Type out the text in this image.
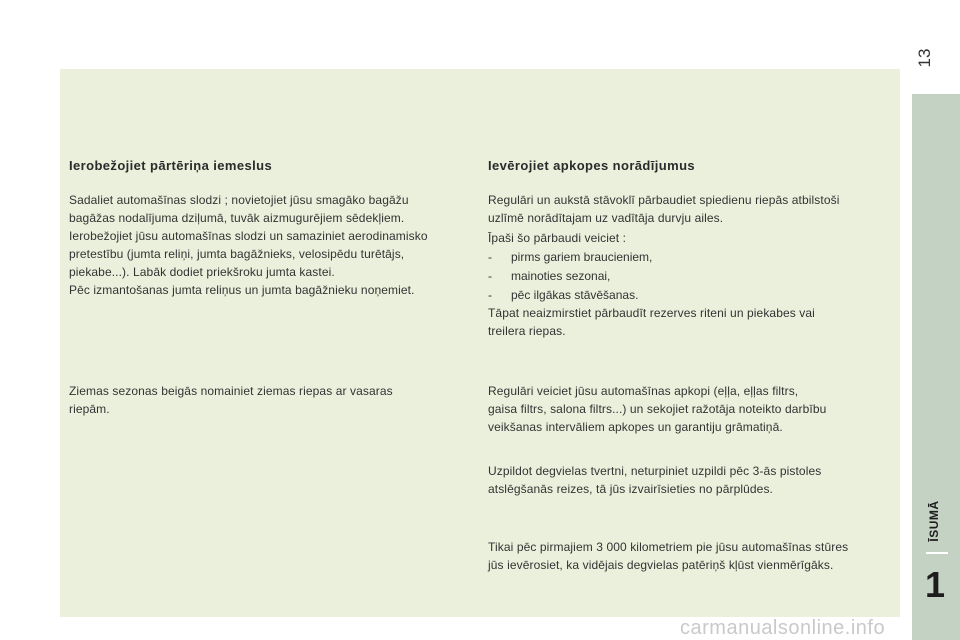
13
ĪSUMĀ
1
Ierobežojiet pārtēriņa iemeslus

Sadaliet automašīnas slodzi ; novietojiet jūsu smagāko bagāžu
bagāžas nodalījuma dziļumā, tuvāk aizmugurējiem sēdekļiem.

Ierobežojiet jūsu automašīnas slodzi un samaziniet aerodinamisko
pretestību (jumta reliņi, jumta bagāžnieks, velosipēdu turētājs,
piekabe...). Labāk dodiet priekšroku jumta kastei.

Pēc izmantošanas jumta reliņus un jumta bagāžnieku noņemiet.

Ziemas sezonas beigās nomainiet ziemas riepas ar vasaras
riepām.

Ievērojiet apkopes norādījumus

Regulāri un aukstā stāvoklī pārbaudiet spiedienu riepās atbilstoši
uzlīmē norādītajam uz vadītāja durvju ailes.

Īpaši šo pārbaudi veiciet :

- pirms gariem braucieniem,
- mainoties sezonai,
- pēc ilgākas stāvēšanas.

Tāpat neaizmirstiet pārbaudīt rezerves riteni un piekabes vai
treilera riepas.

Regulāri veiciet jūsu automašīnas apkopi (eļļa, eļļas filtrs,
gaisa filtrs, salona filtrs...) un sekojiet ražotāja noteikto darbību
veikšanas intervāliem apkopes un garantiju grāmatiņā.

Uzpildot degvielas tvertni, neturpiniet uzpildi pēc 3-ās pistoles
atslēgšanās reizes, tā jūs izvairīsieties no pārplūdes.

Tikai pēc pirmajiem 3 000 kilometriem pie jūsu automašīnas stūres
jūs ievērosiet, ka vidējais degvielas patēriņš kļūst vienmērīgāks.

carmanualsonline.info
